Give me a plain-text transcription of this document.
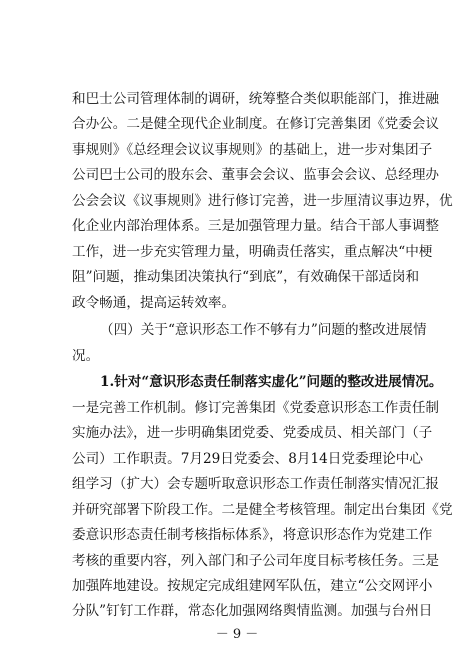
和巴士公司管理体制的调研，统筹整合类似职能部门，推进融
合办公。二是健全现代企业制度。在修订完善集团《党委会议
事规则》《总经理会议议事规则》的基础上，进一步对集团子
公司巴士公司的股东会、董事会会议、监事会会议、总经理办
公会会议《议事规则》进行修订完善，进一步厘清议事边界，优
化企业内部治理体系。三是加强管理力量。结合干部人事调整
工作，进一步充实管理力量，明确责任落实，重点解决“中梗
阻”问题，推动集团决策执行“到底”，有效确保干部适岗和
政令畅通，提高运转效率。
（四）关于“意识形态工作不够有力”问题的整改进展情
况。
1.针对“意识形态责任制落实虚化”问题的整改进展情况。
一是完善工作机制。修订完善集团《党委意识形态工作责任制
实施办法》，进一步明确集团党委、党委成员、相关部门（子
公司）工作职责。7月29日党委会、8月14日党委理论中心
组学习（扩大）会专题听取意识形态工作责任制落实情况汇报
并研究部署下阶段工作。二是健全考核管理。制定出台集团《党
委意识形态责任制考核指标体系》，将意识形态作为党建工作
考核的重要内容，列入部门和子公司年度目标考核任务。三是
加强阵地建设。按规定完成组建网军队伍，建立“公交网评小
分队”钉钉工作群，常态化加强网络舆情监测。加强与台州日
－ 9 －
